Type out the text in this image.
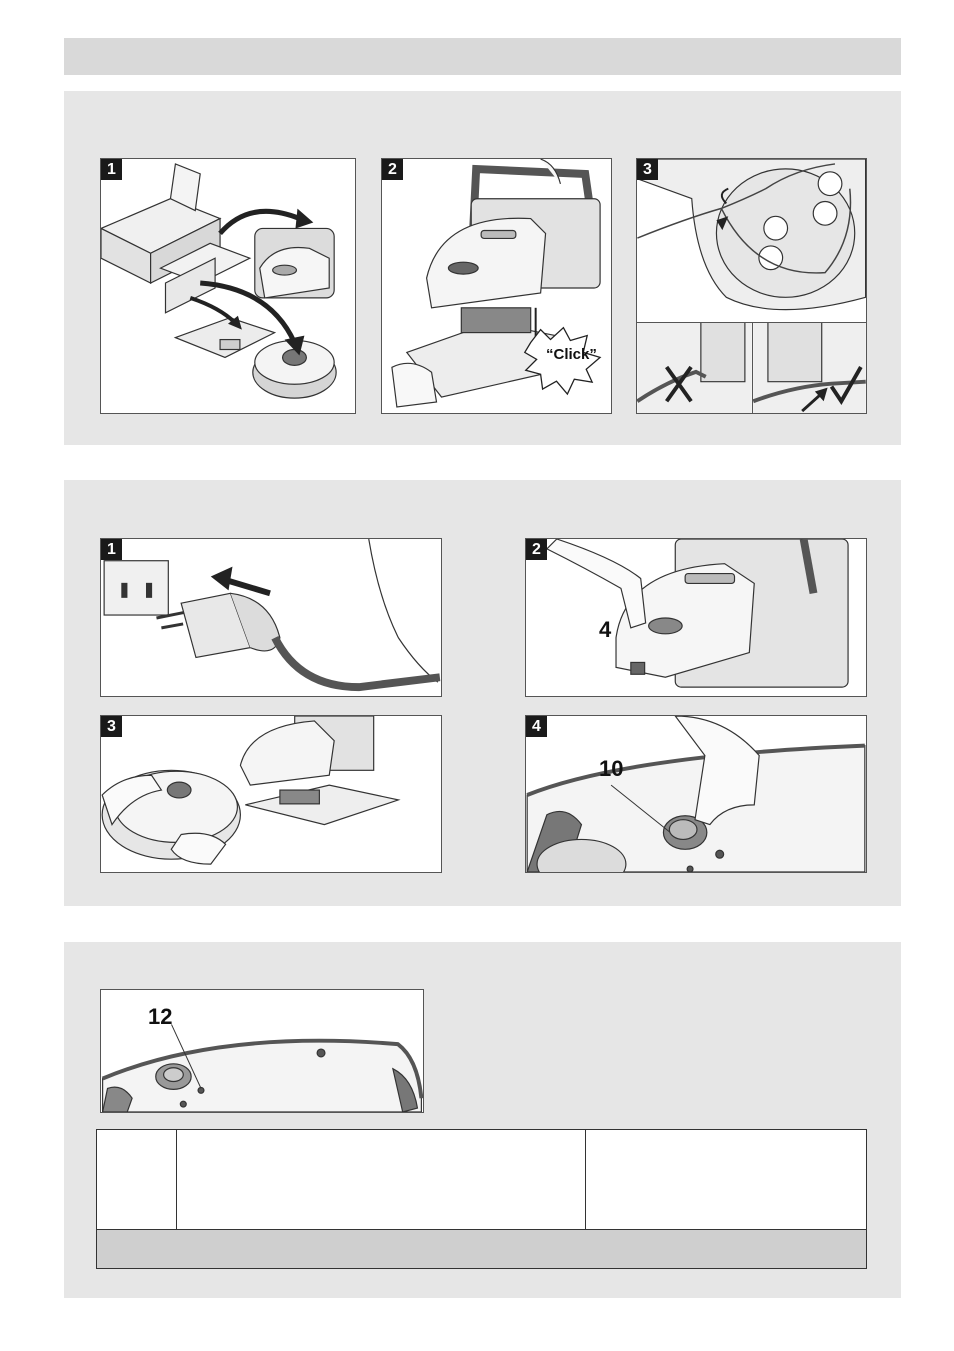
1	2
“Click”
3
1	2
4
3	4
10
12
